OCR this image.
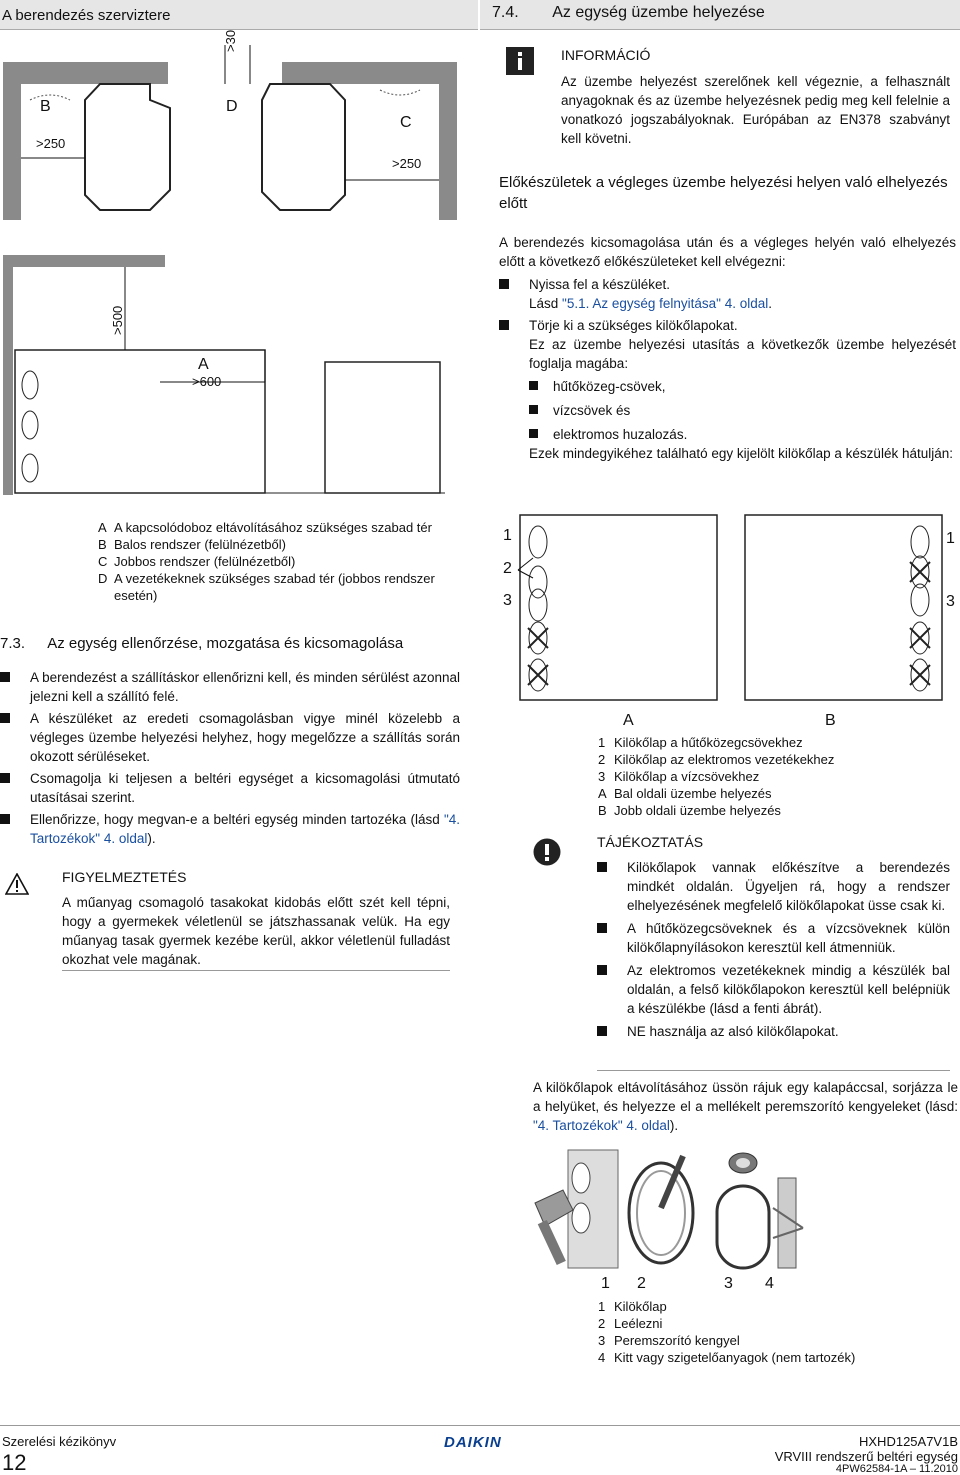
A berendezés szerviztere	7.4. Az egység üzembe helyezése
B
>250
D
>30
C
>250
>500
A
>600
A A kapcsolódoboz eltávolításához szükséges szabad tér
B Balos rendszer (felülnézetből)
C Jobbos rendszer (felülnézetből)
D A vezetékeknek szükséges szabad tér (jobbos rendszer esetén)
7.3. Az egység ellenőrzése, mozgatása és kicsomagolása
A berendezést a szállításkor ellenőrizni kell, és minden sérülést azonnal jelezni kell a szállító felé.
A készüléket az eredeti csomagolásban vigye minél közelebb a végleges üzembe helyezési helyhez, hogy megelőzze a szállítás során okozott sérüléseket.
Csomagolja ki teljesen a beltéri egységet a kicsomagolási útmutató utasításai szerint.
Ellenőrizze, hogy megvan-e a beltéri egység minden tartozéka (lásd "4. Tartozékok" 4. oldal).
FIGYELMEZTETÉS
A műanyag csomagoló tasakokat kidobás előtt szét kell tépni, hogy a gyermekek véletlenül se játszhassanak velük. Ha egy műanyag tasak gyermek kezébe kerül, akkor véletlenül fulladást okozhat vele magának.
INFORMÁCIÓ
Az üzembe helyezést szerelőnek kell végeznie, a felhasznált anyagoknak és az üzembe helyezésnek pedig meg kell felelnie a vonatkozó jogszabályoknak. Európában az EN378 szabványt kell követni.
Előkészületek a végleges üzembe helyezési helyen való elhelyezés előtt
A berendezés kicsomagolása után és a végleges helyén való elhelyezés előtt a következő előkészületeket kell elvégezni:
Nyissa fel a készüléket.
Lásd "5.1. Az egység felnyitása" 4. oldal.
Törje ki a szükséges kilökőlapokat.
Ez az üzembe helyezési utasítás a következők üzembe helyezését foglalja magába:
hűtőközeg-csövek,
vízcsövek és
elektromos huzalozás.
Ezek mindegyikéhez található egy kijelölt kilökőlap a készülék hátulján:
1
2
3
1
3
A	B
1 Kilökőlap a hűtőközegcsövekhez
2 Kilökőlap az elektromos vezetékekhez
3 Kilökőlap a vízcsövekhez
A Bal oldali üzembe helyezés
B Jobb oldali üzembe helyezés
TÁJÉKOZTATÁS
Kilökőlapok vannak előkészítve a berendezés mindkét oldalán. Ügyeljen rá, hogy a rendszer elhelyezésének megfelelő kilökőlapokat üsse csak ki.
A hűtőközegcsöveknek és a vízcsöveknek külön kilökőlapnyílásokon keresztül kell átmenniük.
Az elektromos vezetékeknek mindig a készülék bal oldalán, a felső kilökőlapokon keresztül kell belépniük a készülékbe (lásd a fenti ábrát).
NE használja az alsó kilökőlapokat.
A kilökőlapok eltávolításához üssön rájuk egy kalapáccsal, sorjázza le a helyüket, és helyezze el a mellékelt peremszorító kengyeleket (lásd: "4. Tartozékok" 4. oldal).
1 2	3 4
1 Kilökőlap
2 Leélezni
3 Peremszorító kengyel
4 Kitt vagy szigetelőanyagok (nem tartozék)
Szerelési kézikönyv
12
DAIKIN	HXHD125A7V1B
VRVIII rendszerű beltéri egység
4PW62584-1A – 11.2010
